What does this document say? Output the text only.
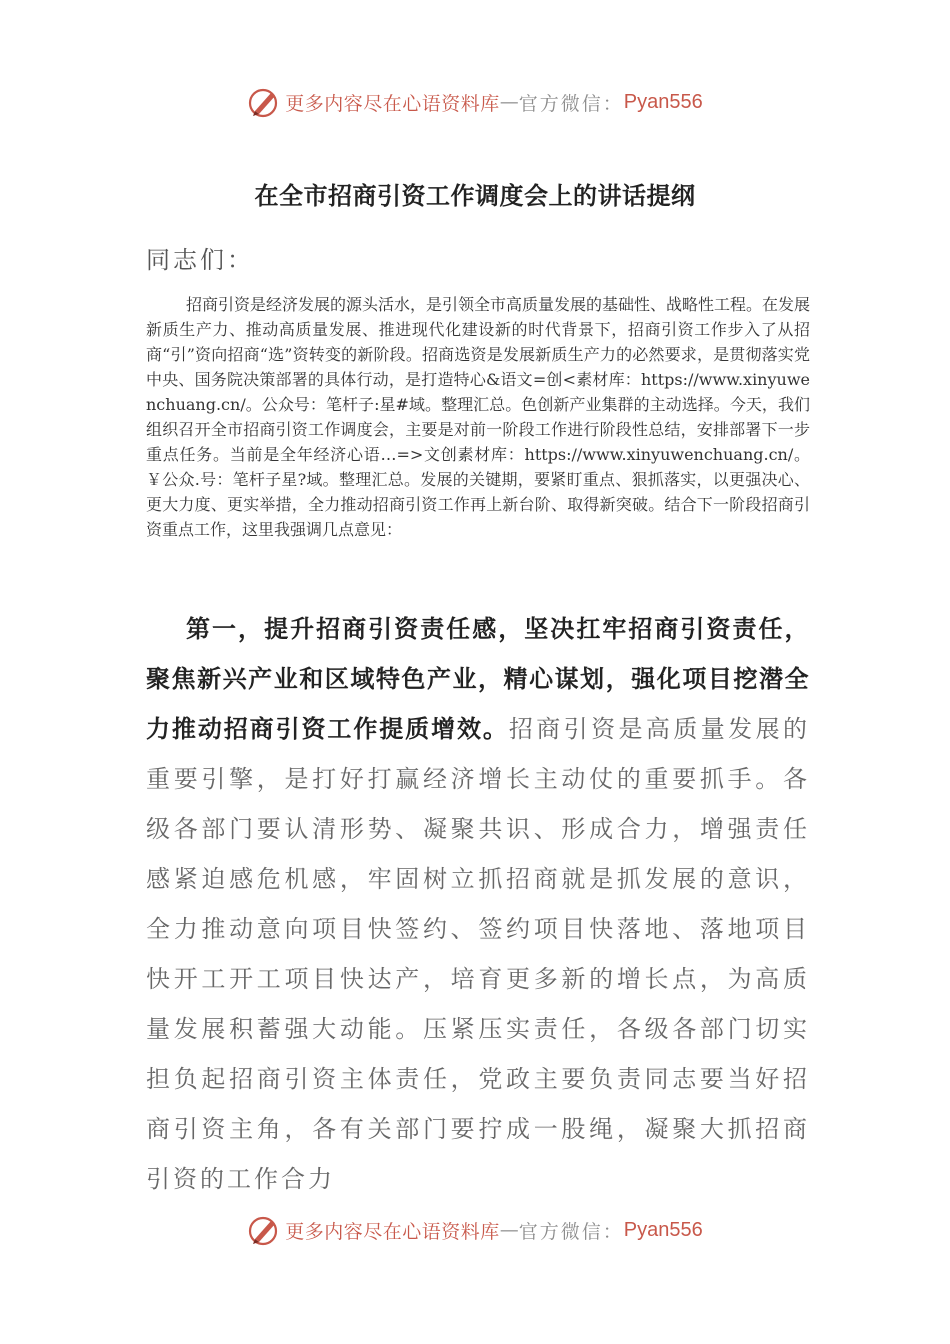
更多内容尽在心语资料库 — 官方微信： Pyan556
在全市招商引资工作调度会上的讲话提纲
同志们：

招商引资是经济发展的源头活水，是引领全市高质量发展的基础性、战略性工程。在发展新质生产力、推动高质量发展、推进现代化建设新的时代背景下，招商引资工作步入了从招商“引”资向招商“选”资转变的新阶段。招商选资是发展新质生产力的必然要求，是贯彻落实党中央、国务院决策部署的具体行动，是打造特心&语文=创<素材库：https://www.xinyuwenchuang.cn/。公众号：笔杆子:星#域。整理汇总。色创新产业集群的主动选择。今天，我们组织召开全市招商引资工作调度会，主要是对前一阶段工作进行阶段性总结，安排部署下一步重点任务。当前是全年经济心语…=>文创素材库：https://www.xinyuwenchuang.cn/。￥公众.号：笔杆子星?域。整理汇总。发展的关键期，要紧盯重点、狠抓落实，以更强决心、更大力度、更实举措，全力推动招商引资工作再上新台阶、取得新突破。结合下一阶段招商引资重点工作，这里我强调几点意见：

第一，提升招商引资责任感，坚决扛牢招商引资责任，聚焦新兴产业和区域特色产业，精心谋划，强化项目挖潜全力推动招商引资工作提质增效。招商引资是高质量发展的重要引擎，是打好打赢经济增长主动仗的重要抓手。各级各部门要认清形势、凝聚共识、形成合力，增强责任感紧迫感危机感，牢固树立抓招商就是抓发展的意识，全力推动意向项目快签约、签约项目快落地、落地项目快开工开工项目快达产，培育更多新的增长点，为高质量发展积蓄强大动能。压紧压实责任，各级各部门切实担负起招商引资主体责任，党政主要负责同志要当好招商引资主角，各有关部门要拧成一股绳，凝聚大抓招商引资的工作合力

更多内容尽在心语资料库 — 官方微信： Pyan556
